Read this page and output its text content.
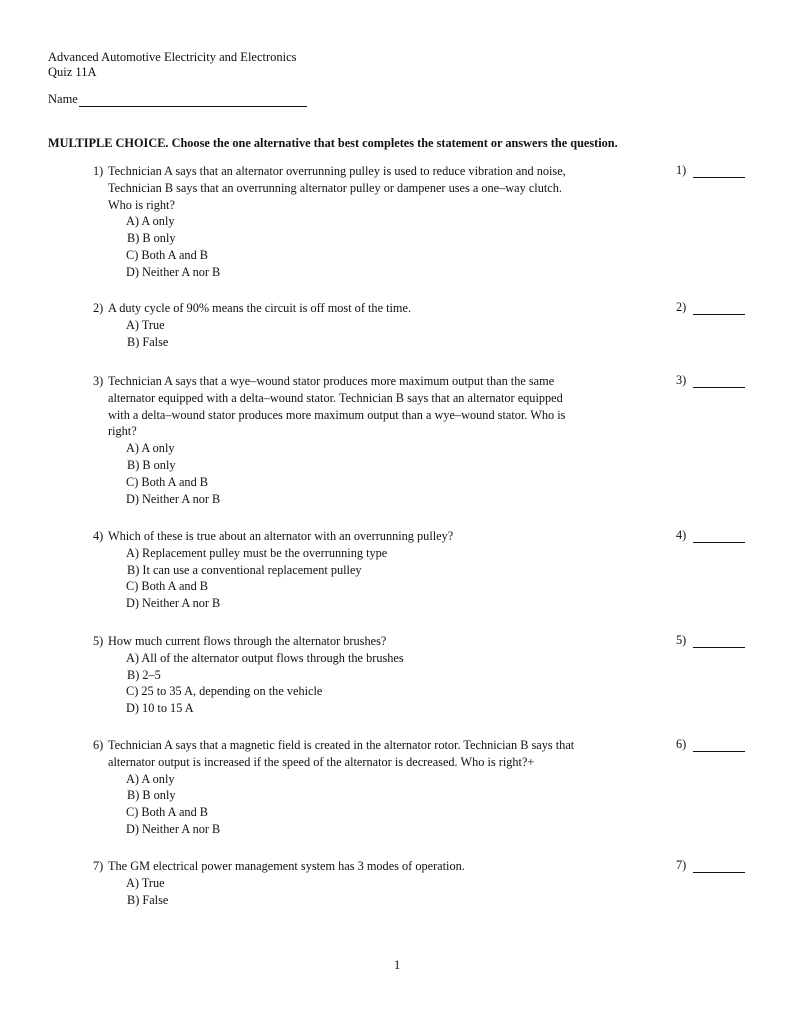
Advanced Automotive Electricity and Electronics
Quiz 11A
Name
MULTIPLE CHOICE. Choose the one alternative that best completes the statement or answers the question.
1) Technician A says that an alternator overrunning pulley is used to reduce vibration and noise,
Technician B says that an overrunning alternator pulley or dampener uses a one–way clutch.
Who is right?
A) A only
B) B only
C) Both A and B
D) Neither A nor B
1)
2) A duty cycle of 90% means the circuit is off most of the time.
A) True
B) False
2)
3) Technician A says that a wye–wound stator produces more maximum output than the same
alternator equipped with a delta–wound stator. Technician B says that an alternator equipped
with a delta–wound stator produces more maximum output than a wye–wound stator. Who is
right?
A) A only
B) B only
C) Both A and B
D) Neither A nor B
3)
4) Which of these is true about an alternator with an overrunning pulley?
A) Replacement pulley must be the overrunning type
B) It can use a conventional replacement pulley
C) Both A and B
D) Neither A nor B
4)
5) How much current flows through the alternator brushes?
A) All of the alternator output flows through the brushes
B) 2–5
C) 25 to 35 A, depending on the vehicle
D) 10 to 15 A
5)
6) Technician A says that a magnetic field is created in the alternator rotor. Technician B says that
alternator output is increased if the speed of the alternator is decreased. Who is right?+
A) A only
B) B only
C) Both A and B
D) Neither A nor B
6)
7) The GM electrical power management system has 3 modes of operation.
A) True
B) False
7)
1
